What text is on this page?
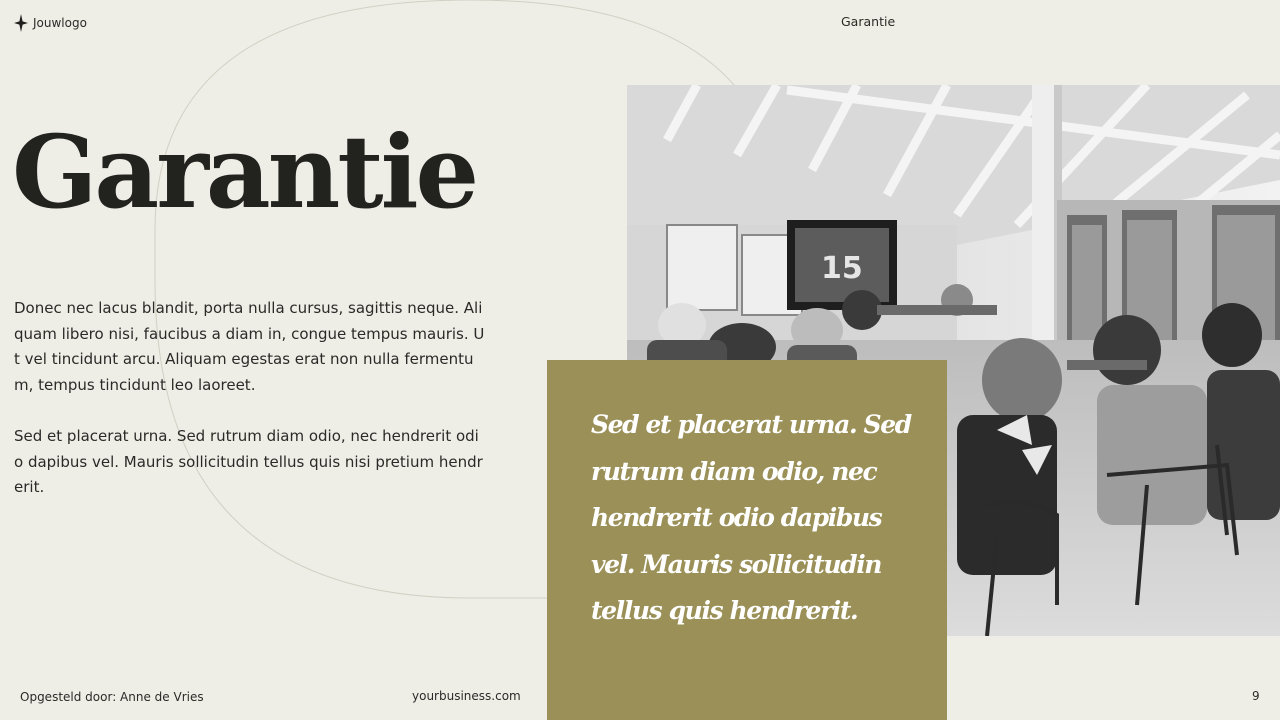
Jouwlogo	Garantie
Garantie

Donec nec lacus blandit, porta nulla cursus, sagittis neque. Aliquam libero nisi, faucibus a diam in, congue tempus mauris. Ut vel tincidunt arcu. Aliquam egestas erat non nulla fermentum, tempus tincidunt leo laoreet.

Sed et placerat urna. Sed rutrum diam odio, nec hendrerit odio dapibus vel. Mauris sollicitudin tellus quis nisi pretium hendrerit.

15

Sed et placerat urna. Sed rutrum diam odio, nec hendrerit odio dapibus vel. Mauris sollicitudin tellus quis hendrerit.

Opgesteld door: Anne de Vries	yourbusiness.com	9
